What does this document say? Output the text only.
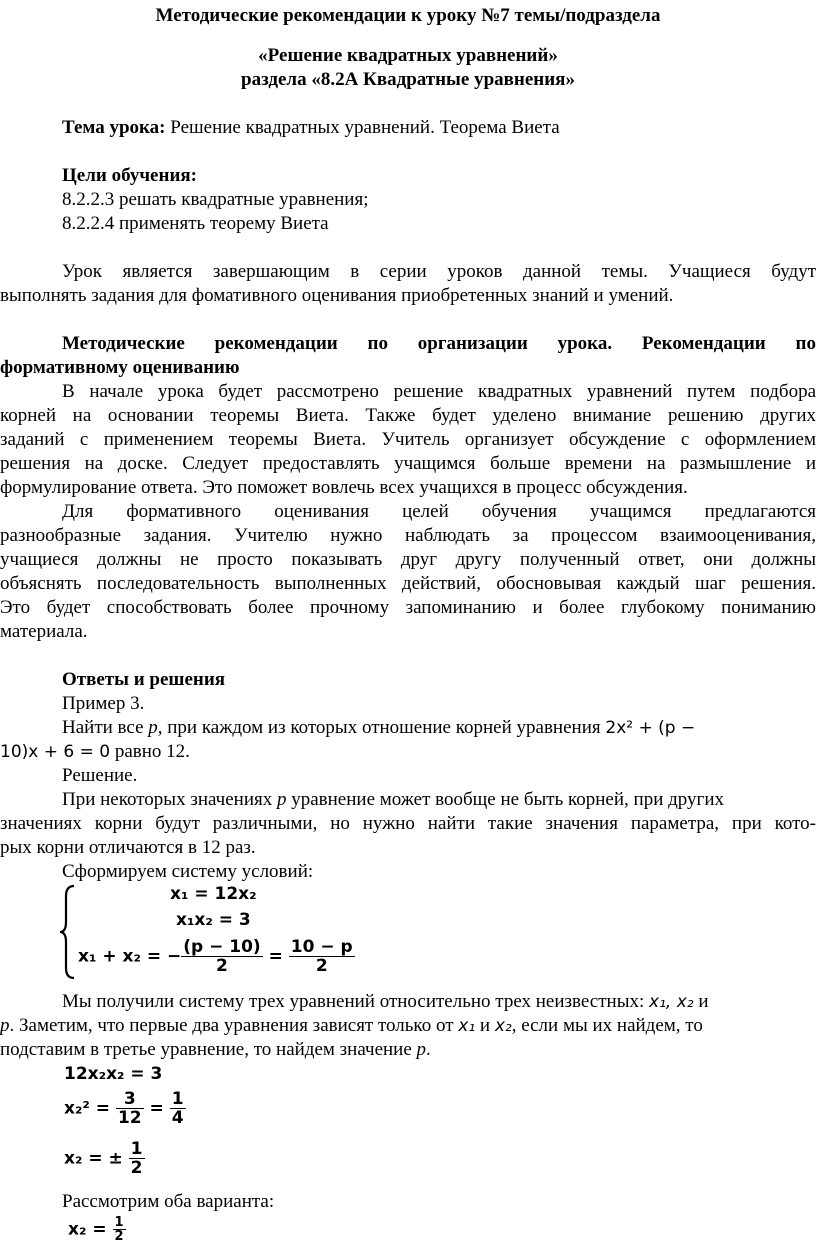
Методические рекомендации к уроку №7 темы/подраздела
«Решение квадратных уравнений»
раздела «8.2А Квадратные уравнения»
Тема урока: Решение квадратных уравнений. Теорема Виета
Цели обучения:
8.2.2.3 решать квадратные уравнения;
8.2.2.4 применять теорему Виета
Урок является завершающим в серии уроков данной темы. Учащиеся будут
выполнять задания для фомативного оценивания приобретенных знаний и умений.
Методические рекомендации по организации урока. Рекомендации по
формативному оцениванию
В начале урока будет рассмотрено решение квадратных уравнений путем подбора
корней на основании теоремы Виета. Также будет уделено внимание решению других
заданий с применением теоремы Виета. Учитель организует обсуждение с оформлением
решения на доске. Следует предоставлять учащимся больше времени на размышление и
формулирование ответа. Это поможет вовлечь всех учащихся в процесс обсуждения.
Для формативного оценивания целей обучения учащимся предлагаются
разнообразные задания. Учителю нужно наблюдать за процессом взаимооценивания,
учащиеся должны не просто показывать друг другу полученный ответ, они должны
объяснять последовательность выполненных действий, обосновывая каждый шаг решения.
Это будет способствовать более прочному запоминанию и более глубокому пониманию
материала.
Ответы и решения
Пример 3.
Найти все p, при каждом из которых отношение корней уравнения 2x² + (p −
10)x + 6 = 0 равно 12.
Решение.
При некоторых значениях p уравнение может вообще не быть корней, при других
значениях корни будут различными, но нужно найти такие значения параметра, при кото-
рых корни отличаются в 12 раз.
Сформируем систему условий:
x₁ = 12x₂
x₁x₂ = 3
x₁ + x₂ = − $\frac{(p - 10)}{2} = \frac{10 - p}{2}$
Мы получили систему трех уравнений относительно трех неизвестных: x₁, x₂ и
p. Заметим, что первые два уравнения зависят только от x₁ и x₂, если мы их найдем, то
подставим в третье уравнение, то найдем значение p.
12x₂x₂ = 3
$x_2^2 = \frac{3}{12} = \frac{1}{4}$
x₂ = ± $\frac{1}{2}$
Рассмотрим оба варианта:
$x_2 = \frac{1}{2}$
